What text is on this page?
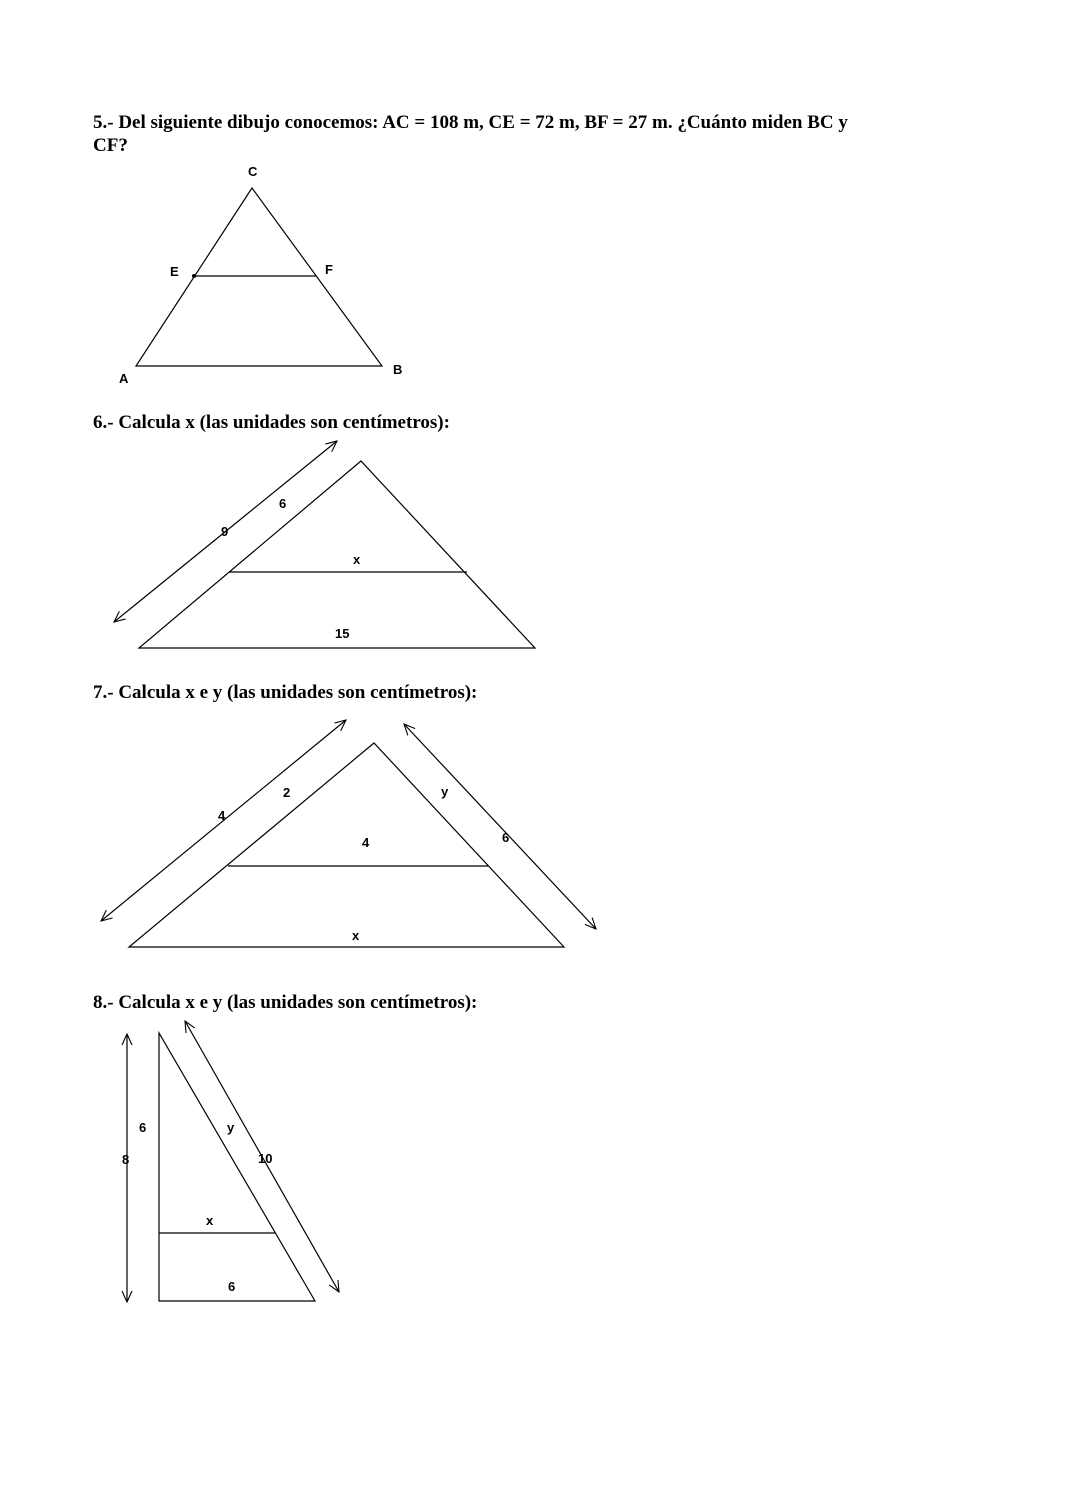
5.- Del siguiente dibujo conocemos: AC = 108 m, CE = 72 m, BF = 27 m. ¿Cuánto miden BC y CF?

6.- Calcula x (las unidades son centímetros):

7.- Calcula x e y (las unidades son centímetros):

8.- Calcula x e y (las unidades son centímetros):

C
E	F
A
B
9
6
x
15
4
2	y
6
4
x
8
6	y
10
x
6
